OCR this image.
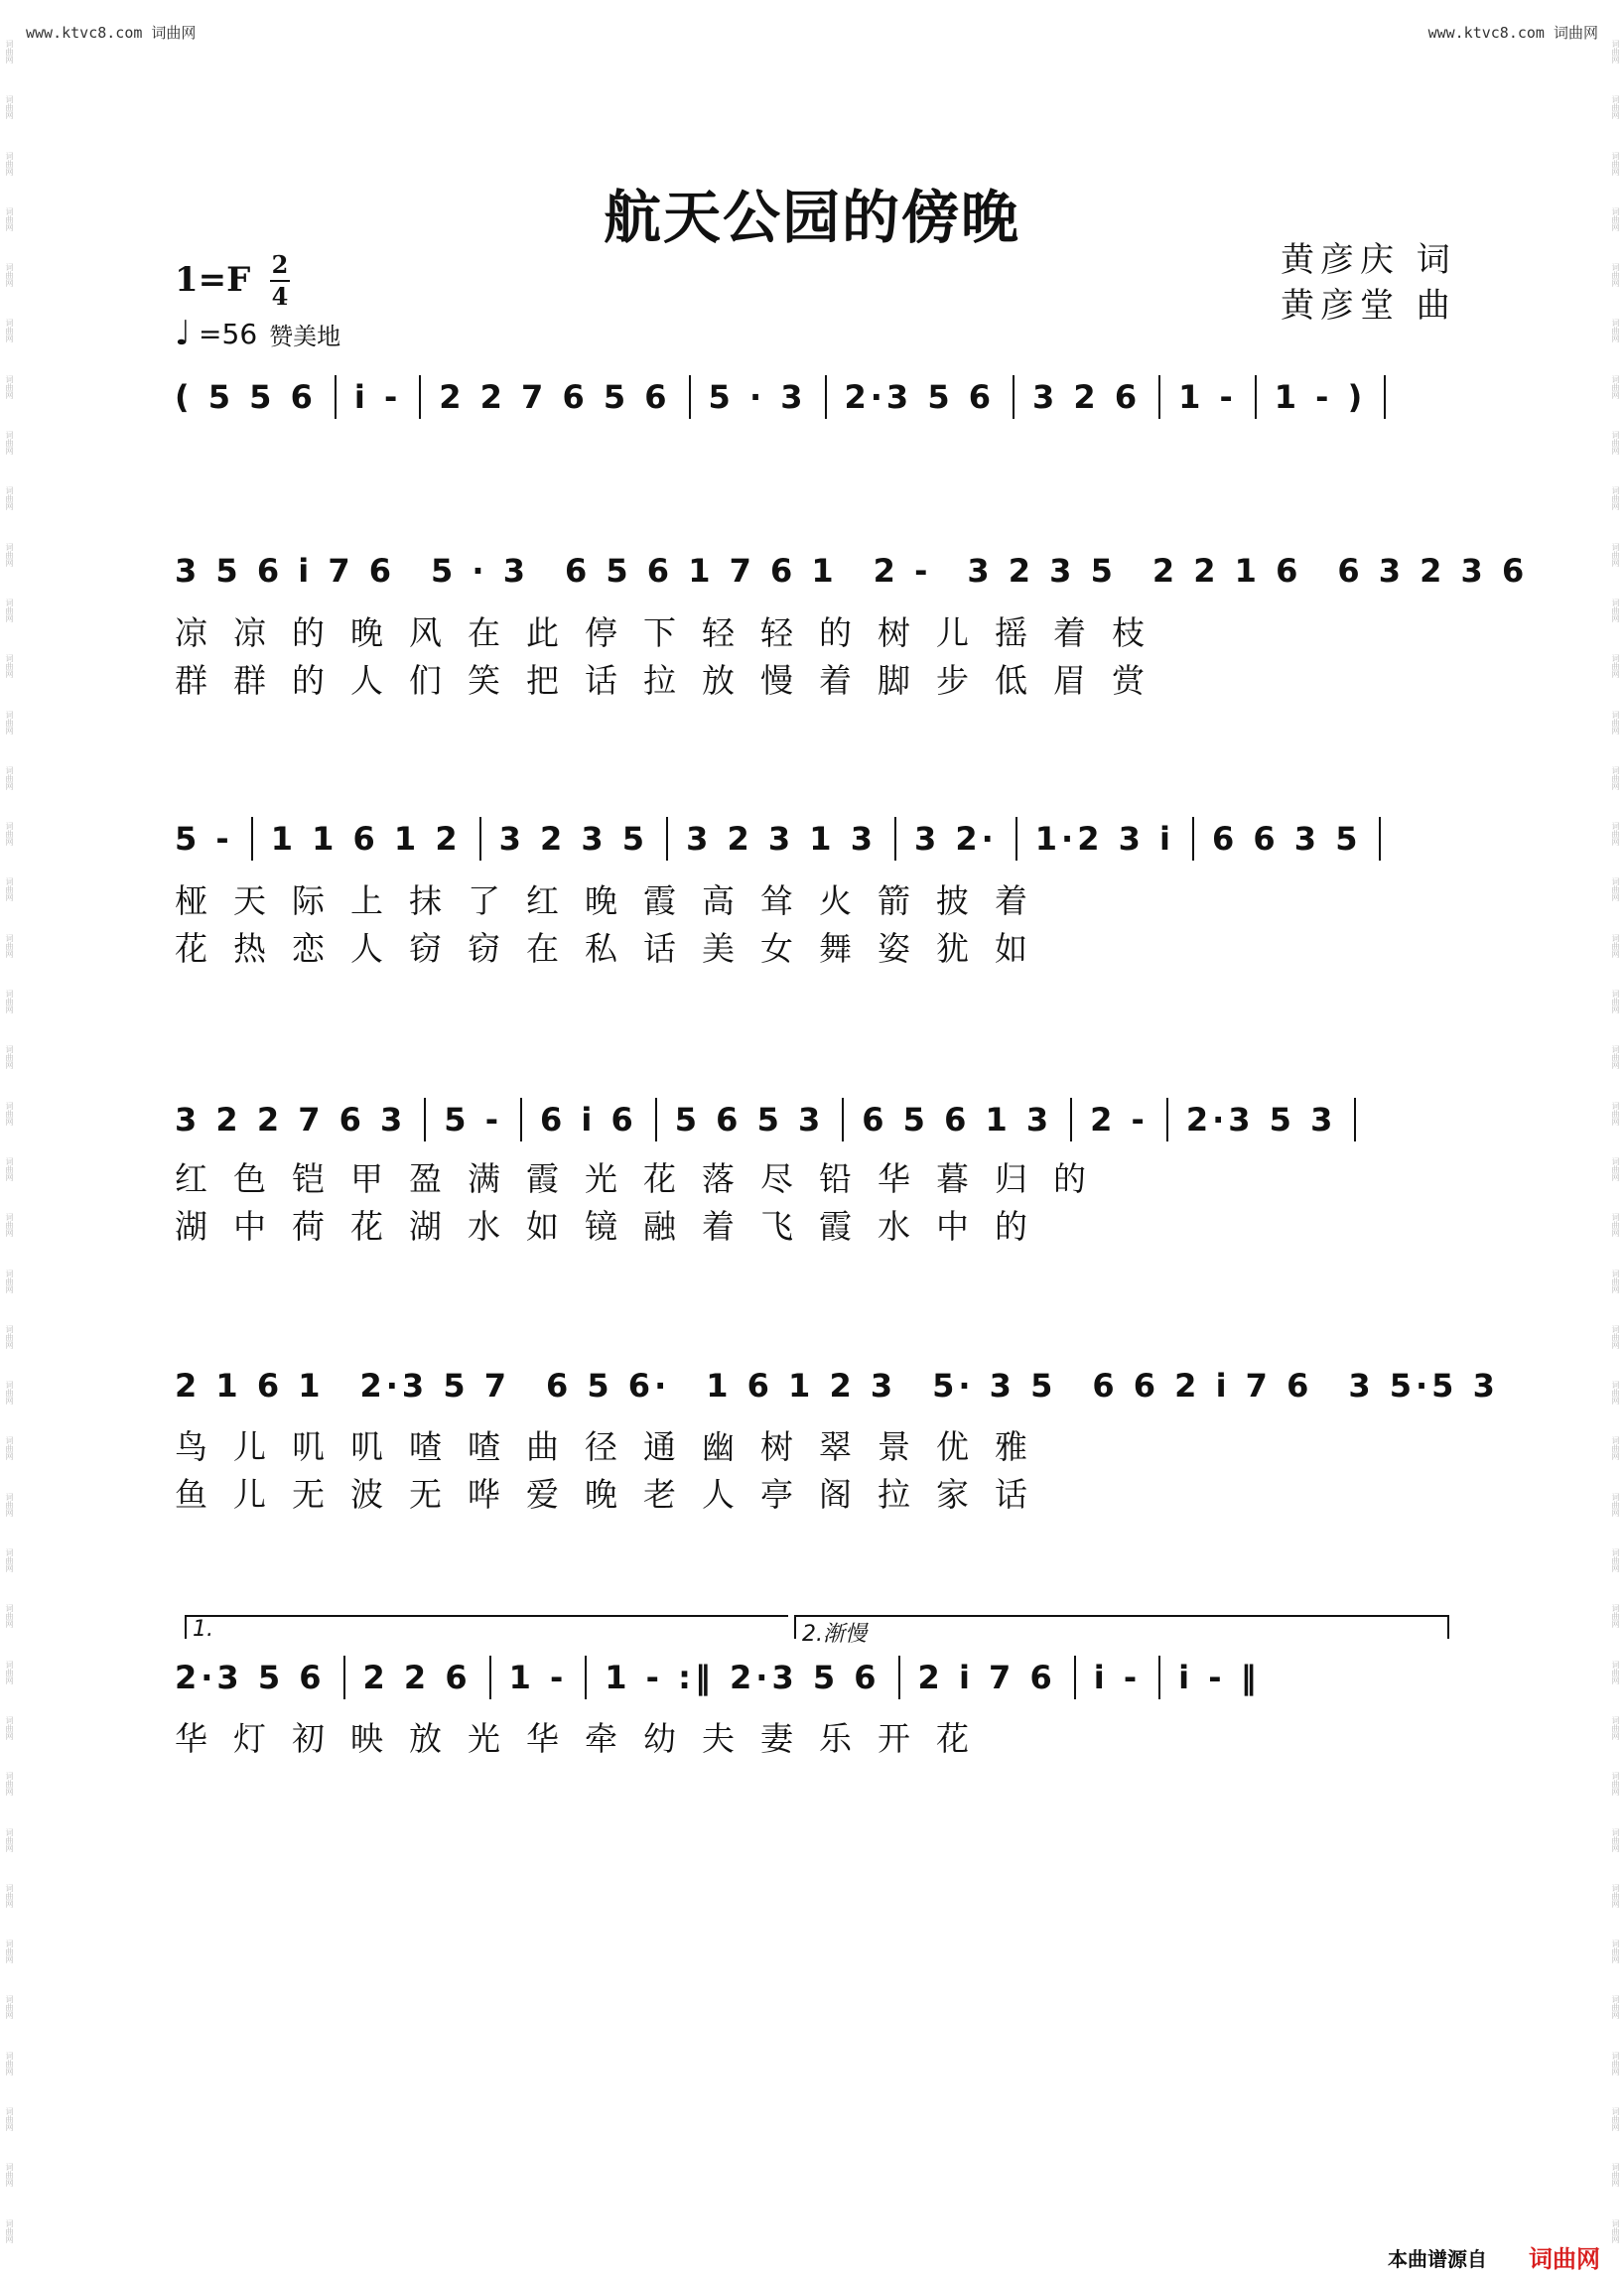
www.ktvc8.com 词曲网	www.ktvc8.com 词曲网
词曲网
词曲网
词曲网
词曲网
词曲网
词曲网
词曲网
词曲网
词曲网
词曲网
词曲网
词曲网
词曲网
词曲网
词曲网
词曲网
词曲网
词曲网
词曲网
词曲网
词曲网
词曲网
词曲网
词曲网
词曲网
词曲网
词曲网
词曲网
词曲网
词曲网
词曲网
词曲网
词曲网
词曲网
词曲网
词曲网
词曲网
词曲网
词曲网
词曲网
词曲网
词曲网
词曲网
词曲网
词曲网
词曲网
词曲网
词曲网
词曲网
词曲网
词曲网
词曲网
词曲网
词曲网
词曲网
词曲网
词曲网
词曲网
词曲网
词曲网
词曲网
词曲网
词曲网
词曲网
词曲网
词曲网
词曲网
词曲网
词曲网
词曲网
词曲网
词曲网
词曲网
词曲网
词曲网
词曲网
词曲网
词曲网
词曲网
词曲网
航天公园的傍晚
1=F 2
4
♩ =56 赞美地
黄彦庆 词
黄彦堂 曲
( 5 5 6 i - 2 2 7 6 5 6 5 · 3 2·3 5 6 3 2 6 1 - 1 - )
3 5 6 i 7 6 5 · 3 6 5 6 1 7 6 1 2 - 3 2 3 5 2 2 1 6 6 3 2 3 6
凉凉的晚风在此停下轻轻的树儿摇着枝
群群的人们笑把话拉放慢着脚步低眉赏
5 - 1 1 6 1 2 3 2 3 5 3 2 3 1 3 3 2· 1·2 3 i 6 6 3 5
桠天际上抹了红晚霞高耸火箭披着
花热恋人窃窃在私话美女舞姿犹如
3 2 2 7 6 3 5 - 6 i 6 5 6 5 3 6 5 6 1 3 2 - 2·3 5 3
红色铠甲盈满霞光花落尽铅华暮归的
湖中荷花湖水如镜融着飞霞水中的
2 1 6 1 2·3 5 7 6 5 6· 1 6 1 2 3 5· 3 5 6 6 2 i 7 6 3 5·5 3
鸟儿叽叽喳喳曲径通幽树翠景优雅
鱼儿无波无哗爱晚老人亭阁拉家话
1.	2.渐慢
2·3 5 6 2 2 6 1 - 1 - :‖ 2·3 5 6 2 i 7 6 i - i - ‖
华灯初映放光华牵幼夫妻乐开花
本曲谱源自 词曲网
